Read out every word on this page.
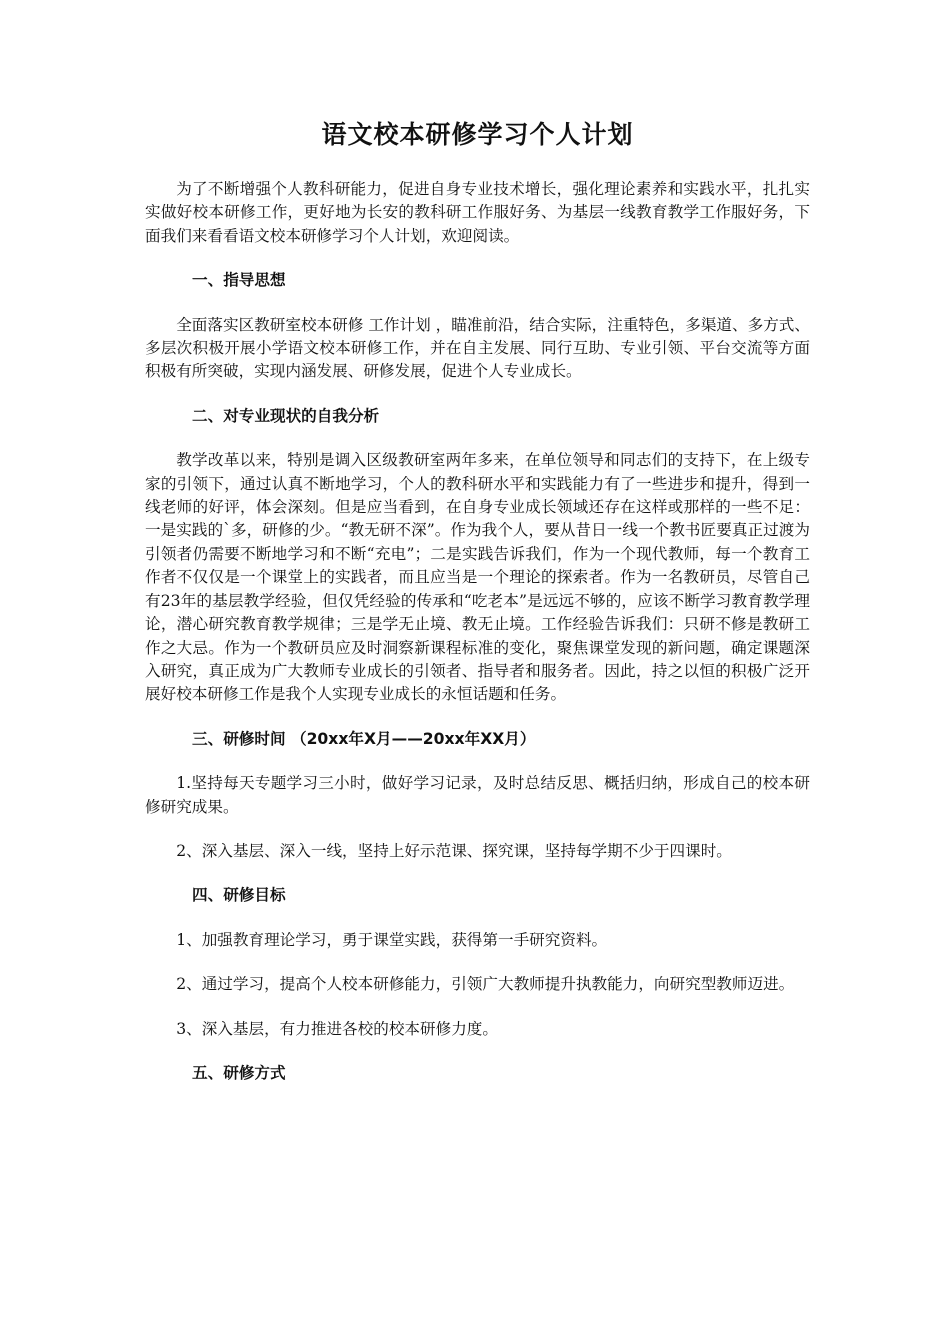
语文校本研修学习个人计划

为了不断增强个人教科研能力，促进自身专业技术增长，强化理论素养和实践水平，扎扎实实做好校本研修工作，更好地为长安的教科研工作服好务、为基层一线教育教学工作服好务，下面我们来看看语文校本研修学习个人计划，欢迎阅读。

一、指导思想

全面落实区教研室校本研修 工作计划 ，瞄准前沿，结合实际，注重特色，多渠道、多方式、多层次积极开展小学语文校本研修工作，并在自主发展、同行互助、专业引领、平台交流等方面积极有所突破，实现内涵发展、研修发展，促进个人专业成长。

二、对专业现状的自我分析

教学改革以来，特别是调入区级教研室两年多来，在单位领导和同志们的支持下，在上级专家的引领下，通过认真不断地学习，个人的教科研水平和实践能力有了一些进步和提升，得到一线老师的好评，体会深刻。但是应当看到，在自身专业成长领域还存在这样或那样的一些不足：一是实践的`多，研修的少。“教无研不深”。作为我个人，要从昔日一线一个教书匠要真正过渡为引领者仍需要不断地学习和不断“充电”；二是实践告诉我们，作为一个现代教师，每一个教育工作者不仅仅是一个课堂上的实践者，而且应当是一个理论的探索者。作为一名教研员，尽管自己有23年的基层教学经验，但仅凭经验的传承和“吃老本”是远远不够的，应该不断学习教育教学理论，潜心研究教育教学规律；三是学无止境、教无止境。工作经验告诉我们：只研不修是教研工作之大忌。作为一个教研员应及时洞察新课程标准的变化，聚焦课堂发现的新问题，确定课题深入研究，真正成为广大教师专业成长的引领者、指导者和服务者。因此，持之以恒的积极广泛开展好校本研修工作是我个人实现专业成长的永恒话题和任务。

三、研修时间 （20xx年X月——20xx年XX月）

1.坚持每天专题学习三小时，做好学习记录，及时总结反思、概括归纳，形成自己的校本研修研究成果。

2、深入基层、深入一线，坚持上好示范课、探究课，坚持每学期不少于四课时。

四、研修目标

1、加强教育理论学习，勇于课堂实践，获得第一手研究资料。

2、通过学习，提高个人校本研修能力，引领广大教师提升执教能力，向研究型教师迈进。

3、深入基层，有力推进各校的校本研修力度。

五、研修方式
